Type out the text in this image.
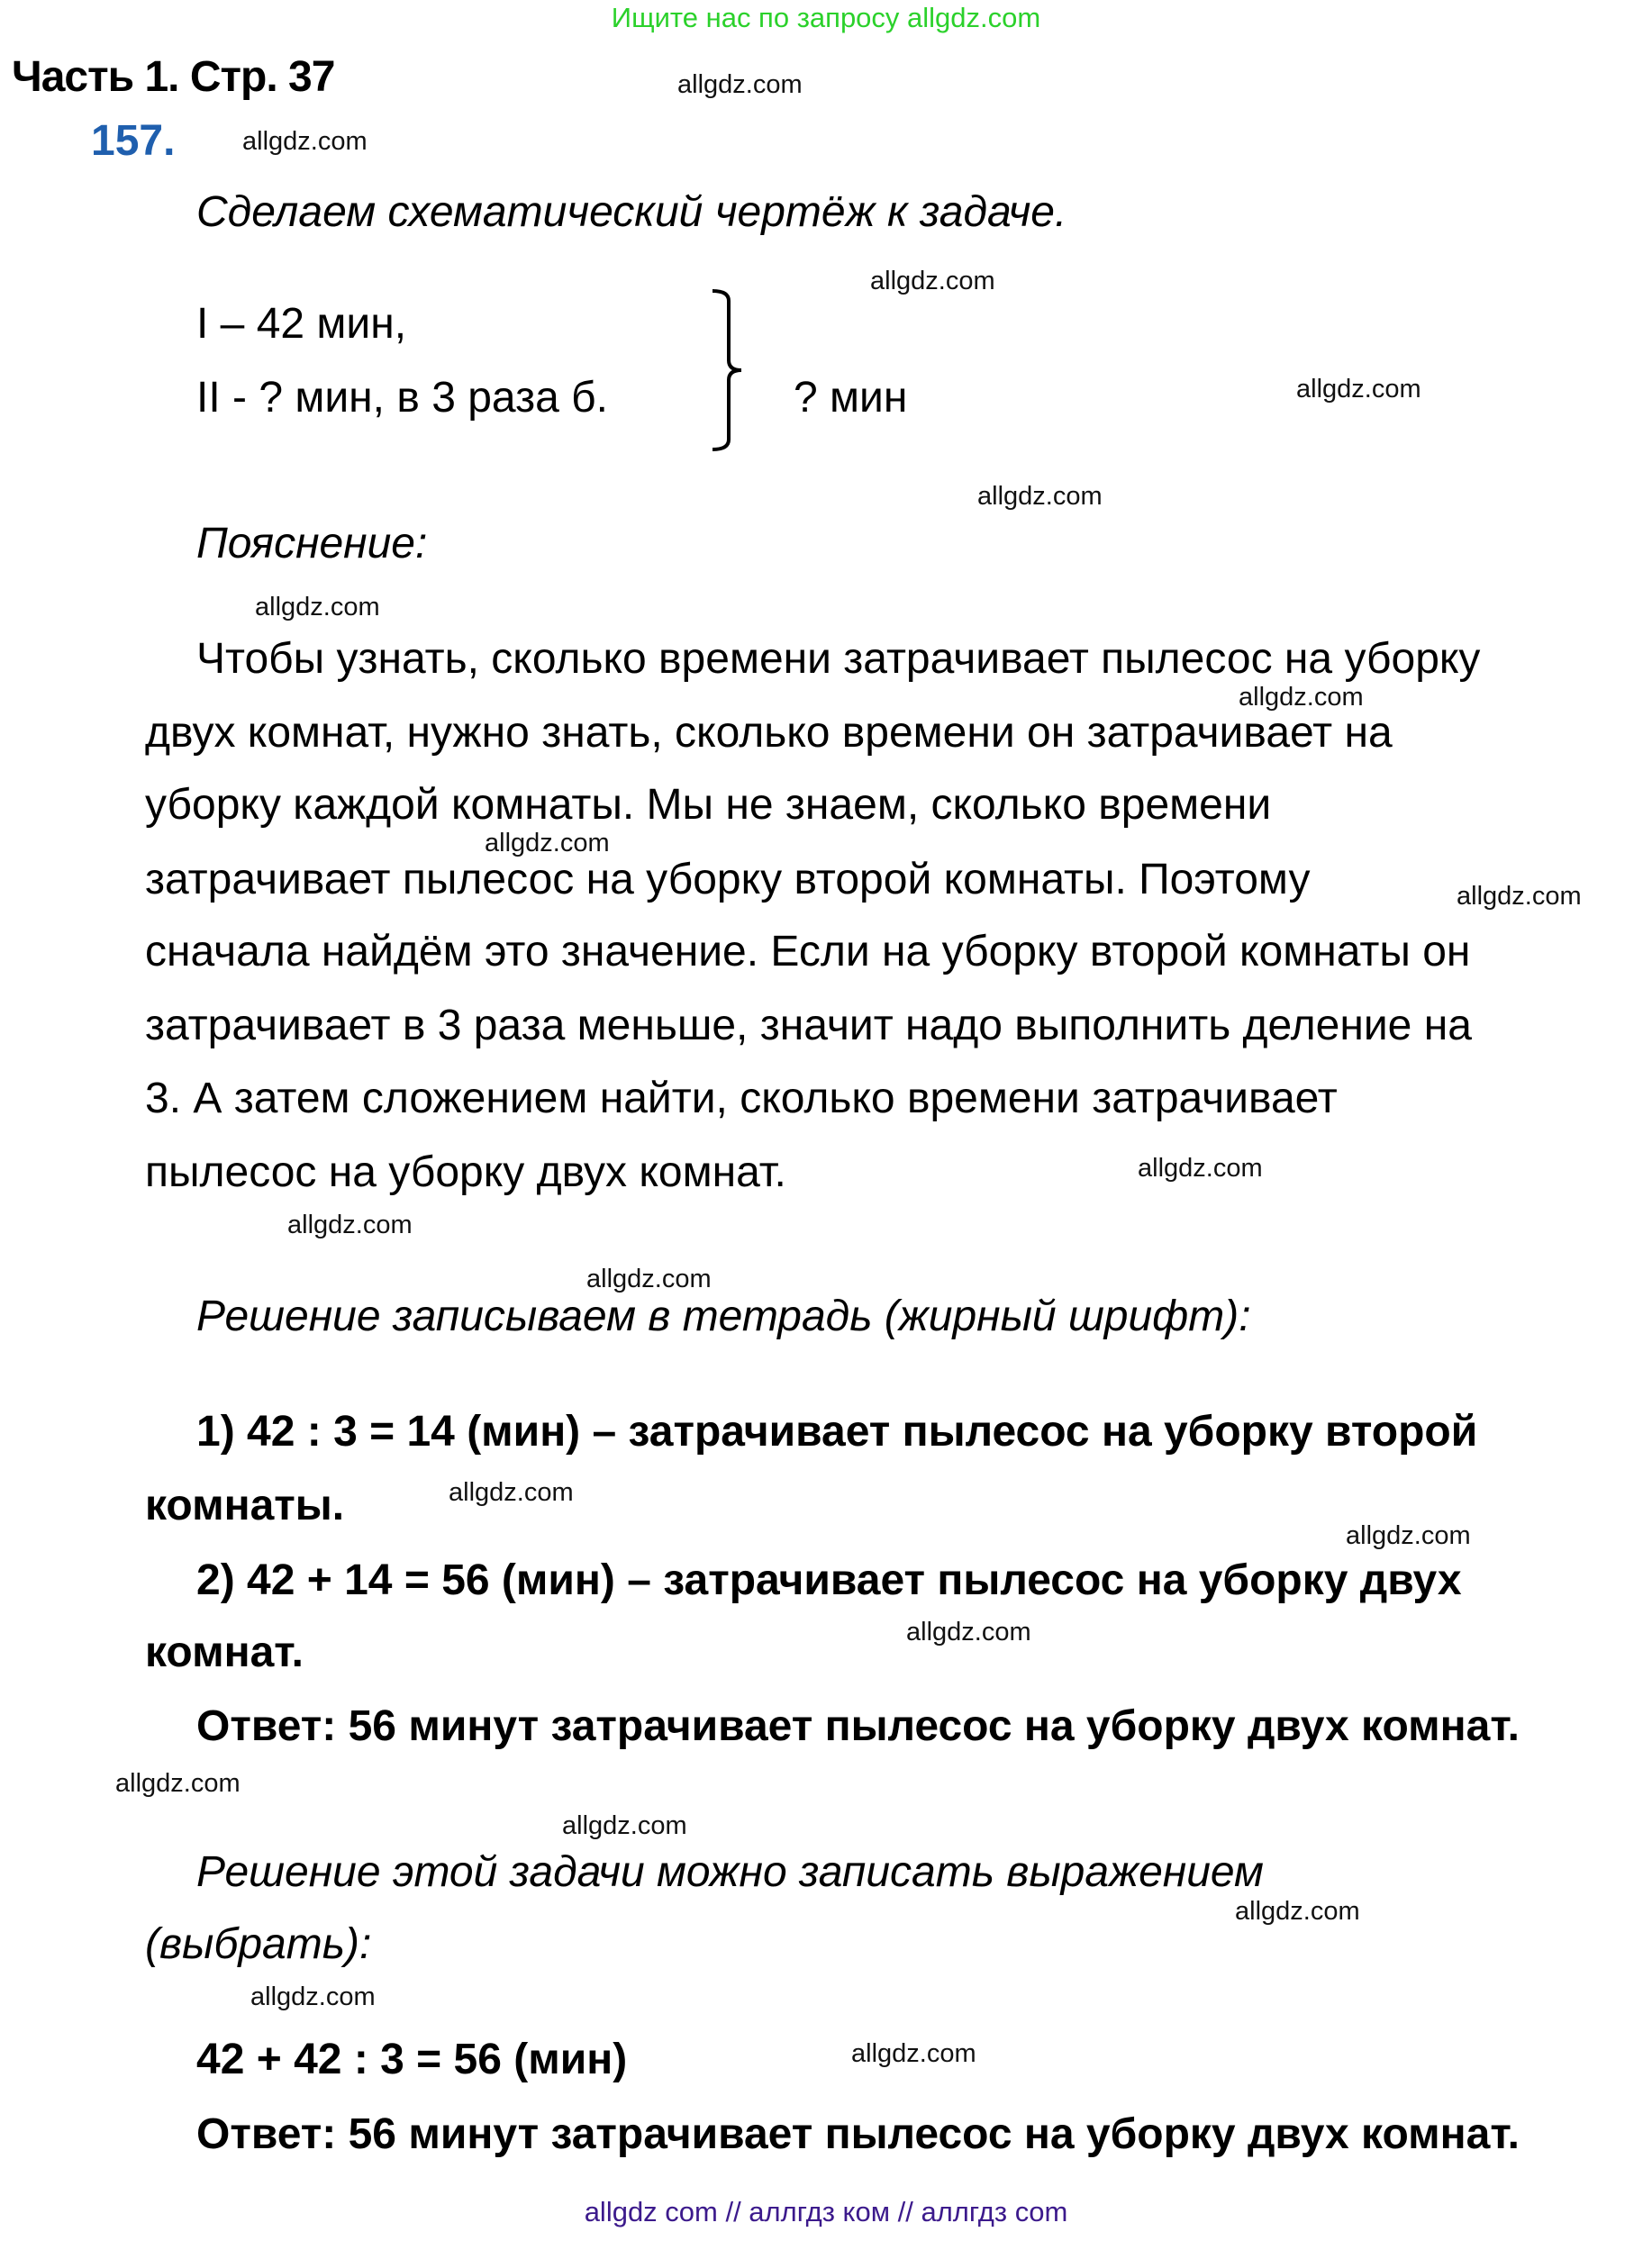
Ищите нас по запросу allgdz.com
Часть 1. Стр. 37
157.
Сделаем схематический чертёж к задаче.
I – 42 мин,
II - ? мин, в 3 раза б.	? мин
Пояснение:
Чтобы узнать, сколько времени затрачивает пылесос на уборку
двух комнат, нужно знать, сколько времени он затрачивает на
уборку каждой комнаты. Мы не знаем, сколько времени
затрачивает пылесос на уборку второй комнаты. Поэтому
сначала найдём это значение. Если на уборку второй комнаты он
затрачивает в 3 раза меньше, значит надо выполнить деление на
3. А затем сложением найти, сколько времени затрачивает
пылесос на уборку двух комнат.
Решение записываем в тетрадь (жирный шрифт):
1) 42 : 3 = 14 (мин) – затрачивает пылесос на уборку второй
комнаты.
2) 42 + 14 = 56 (мин) – затрачивает пылесос на уборку двух
комнат.
Ответ: 56 минут затрачивает пылесос на уборку двух комнат.
Решение этой задачи можно записать выражением
(выбрать):
42 + 42 : 3 = 56 (мин)
Ответ: 56 минут затрачивает пылесос на уборку двух комнат.
allgdz.com
allgdz.com
allgdz.com
allgdz.com
allgdz.com
allgdz.com
allgdz.com
allgdz.com
allgdz.com
allgdz.com
allgdz.com
allgdz.com
allgdz.com
allgdz.com
allgdz.com
allgdz.com
allgdz.com
allgdz.com
allgdz.com
allgdz.com
allgdz com // аллгдз ком // аллгдз com
